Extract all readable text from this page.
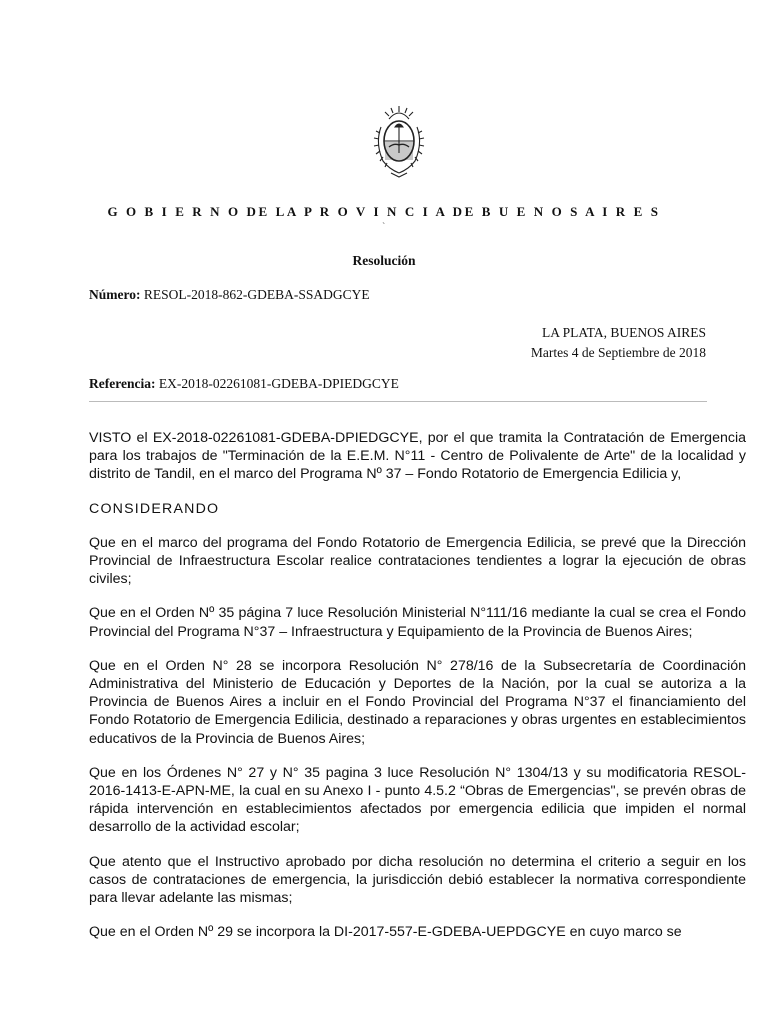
G O B I E R N O DE LA P R O V I N C I A DE B U E N O S A I R E S
`
Resolución
Número: RESOL-2018-862-GDEBA-SSADGCYE
LA PLATA, BUENOS AIRES
Martes 4 de Septiembre de 2018
Referencia: EX-2018-02261081-GDEBA-DPIEDGCYE

VISTO el EX-2018-02261081-GDEBA-DPIEDGCYE, por el que tramita la Contratación de Emergencia para los trabajos de "Terminación de la E.E.M. N°11 - Centro de Polivalente de Arte" de la localidad y distrito de Tandil, en el marco del Programa Nº 37 – Fondo Rotatorio de Emergencia Edilicia y,

CONSIDERANDO

Que en el marco del programa del Fondo Rotatorio de Emergencia Edilicia, se prevé que la Dirección Provincial de Infraestructura Escolar realice contrataciones tendientes a lograr la ejecución de obras civiles;

Que en el Orden Nº 35 página 7 luce Resolución Ministerial N°111/16 mediante la cual se crea el Fondo Provincial del Programa N°37 – Infraestructura y Equipamiento de la Provincia de Buenos Aires;

Que en el Orden N° 28 se incorpora Resolución N° 278/16 de la Subsecretaría de Coordinación Administrativa del Ministerio de Educación y Deportes de la Nación, por la cual se autoriza a la Provincia de Buenos Aires a incluir en el Fondo Provincial del Programa N°37 el financiamiento del Fondo Rotatorio de Emergencia Edilicia, destinado a reparaciones y obras urgentes en establecimientos educativos de la Provincia de Buenos Aires;

Que en los Órdenes N° 27 y N° 35 pagina 3 luce Resolución N° 1304/13 y su modificatoria RESOL-2016-1413-E-APN-ME, la cual en su Anexo I - punto 4.5.2 “Obras de Emergencias", se prevén obras de rápida intervención en establecimientos afectados por emergencia edilicia que impiden el normal desarrollo de la actividad escolar;

Que atento que el Instructivo aprobado por dicha resolución no determina el criterio a seguir en los casos de contrataciones de emergencia, la jurisdicción debió establecer la normativa correspondiente para llevar adelante las mismas;

Que en el Orden Nº 29 se incorpora la DI-2017-557-E-GDEBA-UEPDGCYE en cuyo marco se
